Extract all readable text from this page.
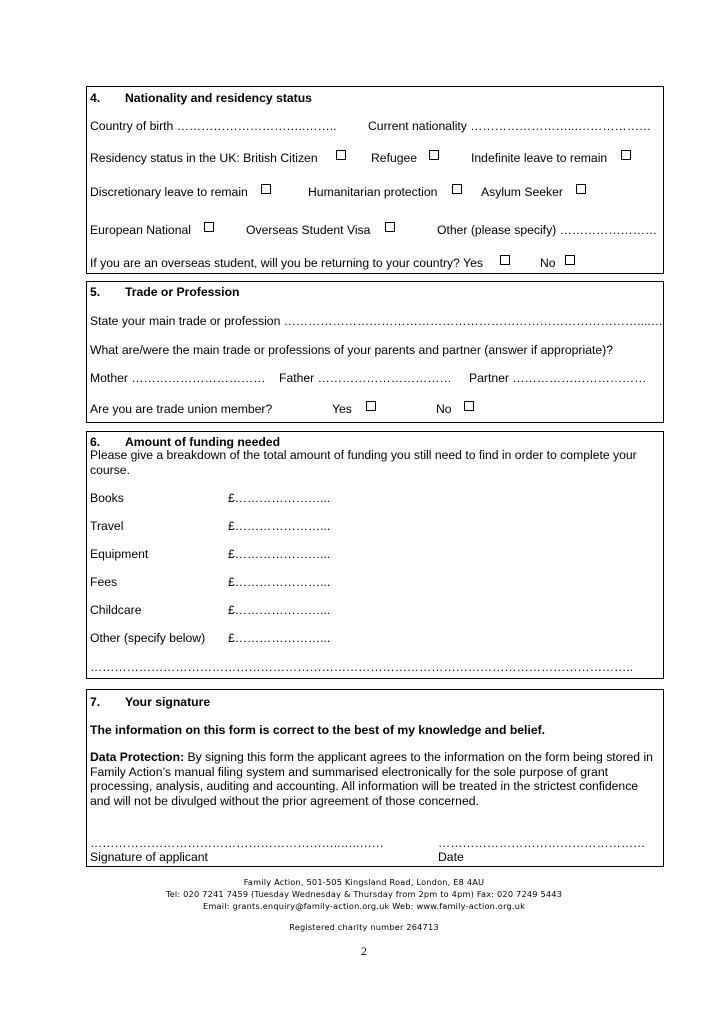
4. Nationality and residency status
Country of birth …………………………..……..	Current nationality ……………………...………………
Residency status in the UK: British Citizen	Refugee	Indefinite leave to remain
Discretionary leave to remain	Humanitarian protection	Asylum Seeker
European National	Overseas Student Visa	Other (please specify) ……………………
If you are an overseas student, will you be returning to your country? Yes	No
5. Trade or Profession
State your main trade or profession ……………………………………………………………………………....…
What are/were the main trade or professions of your parents and partner (answer if appropriate)?
Mother …………………………… Father …………………………… Partner ……………………………
Are you are trade union member?	Yes	No
6. Amount of funding needed
Please give a breakdown of the total amount of funding you still need to find in order to complete your course.
Books	£…………………...
Travel	£…………………...
Equipment	£…………………...
Fees	£…………………...
Childcare	£…………………...
Other (specify below) £…………………...
……………………………………………………………………………………………………………………..
7. Your signature
The information on this form is correct to the best of my knowledge and belief.
Data Protection: By signing this form the applicant agrees to the information on the form being stored in Family Action’s manual filing system and summarised electronically for the sole purpose of grant processing, analysis, auditing and accounting. All information will be treated in the strictest confidence and will not be divulged without the prior agreement of those concerned.
……………………………………………………..…..……	……………………………………………
Signature of applicant	Date
Family Action, 501-505 Kingsland Road, London, E8 4AU
Tel: 020 7241 7459 (Tuesday Wednesday & Thursday from 2pm to 4pm) Fax: 020 7249 5443
Email: grants.enquiry@family-action.org.uk Web: www.family-action.org.uk
Registered charity number 264713
2
